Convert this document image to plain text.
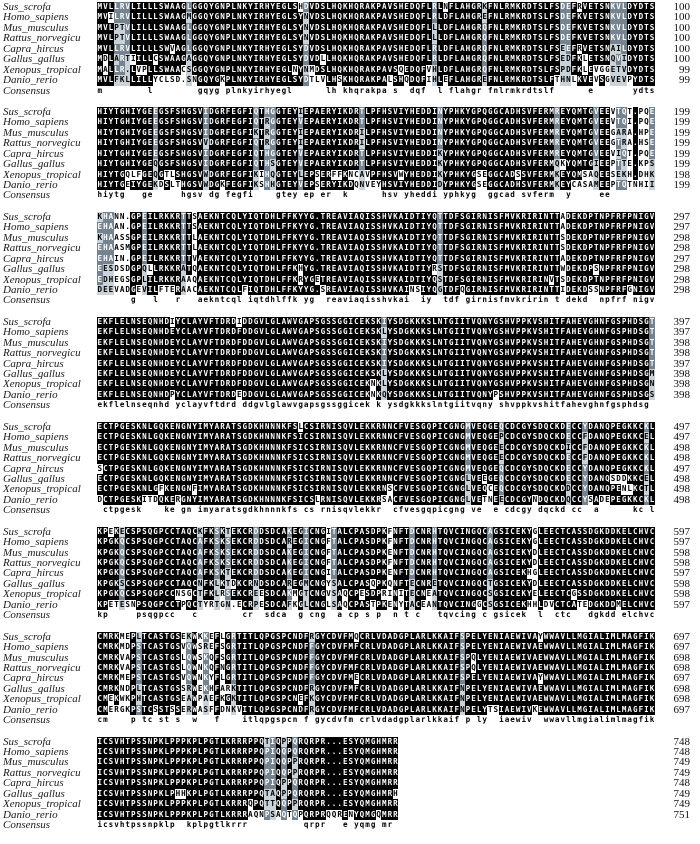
Sus_scrofa	M V L L R V L I L L L S W A A G L G G Q Y G N P L N K Y I R H Y E G L S H D V D S L H Q K H Q R A K P A V S H E D Q F L R L N F L A H G R K F N L R M K R D T S L F S D E F R V E T S N K V L D Y D T S 100
Homo_sapiens	M V I L R V L I L L L S W A A G M G G Q Y G N P L N K Y I R H Y E G L S Y N V D S L H Q K H Q R A K P A V S H E D Q F L R L D F L A H G R E F N L R M K R D T S L F S D E F K V E T S N K V L D Y D T S 100
Mus_musculus	M V L P T V L I L L L S W A A G L G G Q Y G N P L N K Y I R H Y E G L S Y N V D S L H Q K H Q R A K P A V S H E D Q F L L L D F L A H G R Q F N L R M K R D T S L F S D E F K V E T S N K V L D Y D T S 100
Rattus_norvegicu	M V L P T V L I L L L S W A A G L G G Q Y G N P L N K Y I R H Y E G L S Y N V D S L H Q K H Q R A K P A V S H E D Q F L L L D F L A H G R Q F N L R M K R D T S L F S D E F K V E T S N K V L D Y D T S 100
Capra_hircus	M V L L R V L I L L L S W V A G L G G Q Y G N P L N K Y I R H Y E G L S Y D V D S L H Q K H Q R A K P A V S H E D Q F L R L D F L A H G R Q F N L R M K R D T S L F S E E F R V E T S N A I L D Y D T S 100
Gallus_gallus	M D L A R T I I L L C S W A A G A G G Q Y G N P L N K Y I R H Y E G L S Y D V D L L H Q K H Q R A K P A V S H E D Q F L R L D F L A H G R Q F N L R M K R D T S L F S E D F K L E T S N Q V I D Y D T S 100
Xenopus_tropical	M A L L R . L V P L L S W A A C S G G Q Y G N P L N K Y I R H Y E G L N Y N M D S L H Q K H Q R A K P A V S Q E D Q F V H L D F L A H G R Q F N L R M K R D T S L F S P D F K L E V G G E T V D Y D T S 99
Danio_rerio	M V L F K L L I L L Y C L S D . S N G Q Y G K P L N K Y I R H Y E G L S Y D T L V L H S K H Q R A K P A L S H Q D Q F I H L E F L A H G R E F N L R M K R D T S L F T H N L K V E V S G V E V P Y D T S 99
Consensus	m	l	g q y g p l n k y i r h y e g l	l h k h q r a k p a s d q f l f l a h g r f n l r m k r d t s l f	e	y d t s
Sus_scrofa	H I Y T G H I Y G E E G S F S H G S V I D G R F E G F I Q T H G G T E Y I E P A E R Y I K D R T L P F H S V I Y H E D D I N Y P H K Y G P Q G G C A D H S V F E R M R E Y Q M T G V E E V T Q T . P Q E 199
Homo_sapiens	H I Y T G H I Y G E E G S F S H G S V I D G R F E G F I Q T R G G T E Y V E P A E R Y I K D R T L P F H S V I Y H E D D I N Y P H K Y G P Q G G C A D H S V F E R M R E Y Q M T G V E E V T Q I . P Q E 199
Mus_musculus	H I Y T G H I Y G E E G S F S H G S V I D G R F E G F I K T R G G T E Y I E P A E R Y I K D R I L P F H S V I Y H E D D I N Y P H K Y G P Q G G C A D H S V F E R M R E Y Q M T G V E E G A R A . H P E 199
Rattus_norvegicu	H I Y T G H I Y G E E G S F S H G S V V D G R F E G F I Q T R G G T E Y I E P A E R Y I K D R I L P F H S V I Y H E D D I N Y P H K Y G P Q G G C A D H S V F E R M R E Y Q M T G V E E G T R A . H S E 199
Capra_hircus	H I Y T G H I Y G E E G S F S H G S V I D G R F E G F I Q T H G G T E Y V E P A E R Y I K D R T L P F H S V I Y H E D D I K Y P H K Y G P Q G G C A D H S V F E R M R E Y Q M T G V E E V I Q T . P Q E 199
Gallus_gallus	H I Y T G H I Y G E Q G S F S H G S V I D G R F E G F I Q T H S G T E Y V E P A E R Y I K D R T L P F H S V I Y H E D D I K Y P H K Y G P Q G G C A D H S V F E R M Q K Y Q M T G I E E P T T E . K P S 199
Xenopus_tropical	H I Y T G Q L F G E Q G T L S H G S V W D G R F E G F I K I H Q G T E Y L E P S E R F F K N C A V P F H S V W Y H E D D I K Y P H K Y G S E G G C A D S S V F E R M K E Y Q M S A Q E E S E K H . D H K 198
Danio_rerio	H I Y T G E I Y G E K D S L T H G S V W D G K F E G F I K S H H G T E Y V E P S E R Y I K D Q N V E Y H S V I Y H E D D I D Y P H K Y G S E G G C A D H S V F E R M K E Y C A S A M E E P T Q T N H I I 199
Consensus	h i y t g g e	h g s v d g f e g f i	g t e y e p e r k	h s v y h e d d i y p h k y g g g c a d s v f e r m y	e e
Sus_scrofa	K H A N N . G P E I L R K K R T T S A E K N T C Q L Y I Q T D H L F F K Y Y G . T R E A V I A Q I S S H V K A I D T I Y Q T T D F S G I R N I S F M V K R I R I N T T A D E K D P T N P F R F P N I G V 297
Homo_sapiens	E H A A N . G P E I L R K K R T T S A E K N T C Q L Y I Q T D H L F F K Y Y G . T R E A V I A Q I S S H V K A I D T I Y Q T T D F S G I R N I S F M V K R I R I N T T A D E K D P T N P F R F P N I G V 297
Mus_musculus	K H A A S S G P E I L R K K R T T L A E K N T C Q L Y I Q T D H L F F K Y Y G . T R E A V I A Q I S S H V K A I D T I Y Q T T D F S G I R N I S F M V K R I R I N T T S D E K D P T N P F R F P N I G V 298
Rattus_norvegicu	E H A A S M G P E I L R K K R T T L A E K N T C Q L Y I Q T D H L F F K Y Y G . T R E A V I A Q I S S H V K A I D T I Y Q T T D F S G I R N I S F M V K R I R I N T T S D E K D P T N P F R F P N I G V 298
Capra_hircus	E H A I N . G P E I L R K K R T T V A E K N T C Q L Y I Q T D H L F F K Y Y G . T R E A V I A Q I S S H V K A I D T I Y Q T T D F S G I R N I S F M V K R I R I N T T A D E K D P T N P F R F P N I G V 297
Gallus_gallus	E E S D S D G P Q L L R K K R A T Q A E K N T C Q L Y I Q T D H L F F K H Y G . T R E A V I A Q I S S H V K A I D T I Y R S T D F S G I R N I S F M V K R I R I N T T W D E K D P S N P F R F P N I G V 298
Xenopus_tropical	E D H E G S G P L I L R K K R A A Q A E K N T C Q L Y I Q T D H L F F K R Y G E T R E A V I A Q I S S H V K A I D T I Y Q S T D F S G I R N I S F M V K R I R I N V T S D E K D P T N P F R F P N I G V 298
Danio_rerio	D E E V A D G E V I L F T E R A A C A E K N T C Q L F I Q T D H L F F K Y Y G . S R E A V I A Q I S S H V K A I N S I Y Q G T D F Q G I R N I S F M V K R I R I N T T I D E K D S S N P F R F G N I G V 298
Consensus	g l r a e k n t c q l i q t d h l f f k y g r e a v i a q i s s h v k a i i y t d f g i r n i s f m v k r i r i n t d e k d n p f r f n i g v
Sus_scrofa	E K F L E L N S E Q N H D I Y C L A Y V F T D R D I D D G V L G L A W V G A P S G S S G G I C E K S K I Y S D G K K K S L N T G I I T V Q N Y G S H V P P K V S H I T F A H E V G H N F G S P H D S G T 397
Homo_sapiens	E K F L E L N S E Q N H D E Y C L A Y V F T D R D F D D G V L G L A W V G A P S G S S G G I C E K S K L Y S D G K K K S L N T G I I T V Q N Y G S H V P P K V S H I T F A H E V G H N F G S P H D S G T 397
Mus_musculus	E K F L E L N S E Q N H D E Y C L A Y V F T D R D F D D G V L G L A W V G A P S G S S G G I C E K S K I Y S D G K K K S L N T G I I T V Q N Y G S H V P P K V S H I T F A H E V G H N F G S P H D S G T 398
Rattus_norvegicu	E K F L E L N S E Q N H D E Y C L A Y V F T D R D F D D G V L G L A W V G A P S G S S G G I C E K S K I Y S D G K K K S L N T G I I T V Q N Y G S H V P P K V S H I T F A H E V G H N F G S P H D S G T 398
Capra_hircus	E K F L E L N S E Q N H D E Y C L A Y V F T D R D F D D G V L G L A W V G A P S G S S G G I C E K S K I Y S D G K K K S L N T G I I T V Q N Y G S H V P P K V S H I T F A H E V G H N F G S P H D S G T 397
Gallus_gallus	E K F L E L N S E Q N H D E Y C L A Y V F T D R D F D D G V L G L A W V G A P S G S S G G I C E K S K L Y S D G K K K S L N T G I I T V Q N Y G S H V P P K V S H I T F A H E V G H N F G S P H D S G M 398
Xenopus_tropical	E K F L E L N S E Q N H D E Y C L A Y V F T D R D F D D G V L G L A W V G A P S G S S G G I C E K N K L Y S D G K K K S L N T G I I T V Q N Y G S H V P P K V S H I T F A H E V G H N F G S P H D S G N 398
Danio_rerio	E K F L E L N S E Q N H D P Y C L A Y V F T D R D E D D G V L G L A W V G A P S G S S G G I C E K N K Q Y S D G K K K S L N T G I I T V Q N Y P S H V P P K V S H I T F A H E V G H N F G S P H D S G S 398
Consensus	e k f l e l n s e q n h d y c l a y v f t d r d d d g v l g l a w v g a p s g s s g g i c e k k y s d g k k k s l n t g i i t v q n y s h v p p k v s h i t f a h e v g h n f g s p h d s g
Sus_scrofa	E C T P G E S K N L G Q K E N G N Y I M Y A R A T S G D K H N N N K F S L C S I R N I S Q V L E K K R N N C F V E S G Q P I C G N G M V E Q G E Q C D C G Y S D Q C K D E C C Y D A N Q P E G K K C K L 497
Homo_sapiens	E C T P G E S K N L G Q K E N G N Y I M Y A R A T S G D K H N N N K F S I C S I R N I S Q V L E K K R N N C F V E S G Q P I C G N G M V E Q G E P C D C G Y S D Q C K D E C C F D A N Q P E G K K C E L 497
Mus_musculus	E C T P G E S K N L G Q K E N G N Y I M Y A R A T S G D K H N N N K F S I C S I R N I S Q V L E K K R N N C F V E S G Q P I C G N G M V E Q G E E C D C G Y S D Q C K D I C C F D A N Q P E G K K C K L 498
Rattus_norvegicu	E C T P G E S K N L G Q K E N G N Y I M Y A R A T S G D K H N N N K F S I C S I R N I S Q V L E K K R N N C F V E S G Q P I C G N G M V E Q G E E C D C G Y S D Q C K D E C C F D A N Q P E G K K C K L 498
Capra_hircus	S C T P G E S K N L G Q K E N G N Y I M Y A R A T S G D K H N N N K F S I C S I R N I S Q V L E K K R N N C F V E S G Q P I C G N G M V E Q G E Q C D C G Y S D Q C K D E C C Y D A N Q P E G K K C K L 497
Gallus_gallus	E C T P G E S K N L G Q K E N G N Y I M Y A R A T S G D K H N N N K F S I C S I R N I S Q V L E K K R N N C F V E S G Q P I C G N G L V E E G E Q C D C G Y S D Q C K D E C C Y D A N Q S D D K K C E L 498
Xenopus_tropical	E C T P G E S K N L G F K E N G N F I M Y A R A T S G D K H N N N K F S I C S I R N I S Q V L E K K R N S C F V E S G Q P I C G N G L V E Q C E Q C D C G Y S D Q C K D D C C Y D A N Q P E N L K C T L 498
Danio_rerio	D C T P G E S K I T D Q K E R G N Y I M Y A R A T S G D K H N N N K F S I C S L R N I S Q V L E K K R S A C F V E S G Q P I C G N G L V E T N E E C D C G Y N D Q C K D Q C C Y S A D E P E G K K C K L 498
Consensus	c t p g e s k	k e g n i m y a r a t s g d k h n n n k f s c s r n i s q v l e k k r c f v e s g q p i c g n g v e e c d c g y d q c k d c c a	k c l
Sus_scrofa	K P E K E C S P S Q G P C C T A Q C K F K S K T E K C R D D S D C A K E G I C N G I T A L C P A S D P K F N F T D C N R H T Q V C I N G Q C A G S I C E K Y G L E E C T C A S S D G K D D K E L C H V C 597
Homo_sapiens	K P G K Q C S P S Q G P C C T A Q C A F K S K S E K C R D D S D C A R E G I C N G F T A L C P A S D P K F N F T D C N R H T Q V C I N G Q C A G S I C E K Y G L E E C T C A S S D G K D D K E L C H V C 597
Mus_musculus	K P G K Q C S P S Q G P C C T A Q C A F K S K S E K C R D D S D C A K E G I C N G F T A L C P A S D P K E N F T D C N R H T Q V C I N G Q C A G S I C E K Y D L E E C T C A S S D G K D D K E L C H V C 598
Rattus_norvegicu	K P G K Q C S P S Q G P C C T A Q C A F K S K S E K C R D D S D C A K E G I C N G F T A L C P A S D P K F N F T D C N R H T Q V C I N G Q C A G S I C E K Y D L E E C T C A S S D G K D D K E L C H V C 598
Capra_hircus	K P G K Q C S P S Q G P C C T A Q C A F K S K T E K C R D D S D C A K E G I C N G I T A L C P A S D P K E N F T D C N R H T Q V C I N G Q C A G S I C E K H G L E E C T C A S S D G K D D K E L C H V C 597
Gallus_gallus	K P G K S C S P S Q G P C C T A Q C N F K L K T D K C R N D S D C A R E G M C N G Y S A L C P A S Q P K Q N F T E C N R E T Q V C I N G Q C T G S I C E K Y D L E E C T C A S S D G K D D K E L C H V C 598
Xenopus_tropical	K P G K Q C S P S Q G P C C N S G C T F K L R S E K C R E E S D C A K M G T C N G V S A Q C P E S D P R I N I T E C N E A T Q V C I N G Q C S G S I C E K Y E L E E C T C G S S D G K D D K E L C H V C 598
Danio_rerio	K P E T E S N P S Q G P C C T P Q C T Y R T G N . E C R P E S D C A F K G L C N G L S A Q C P A S T P K E N Y T A C E A N T Q V C I N G G C S G S I C E K H H L D V C T C A T E D G K D D M E L C H V C 597
Consensus	k p	p s q g p c c c	c r s d c a g c n g a c p s p n t c t q v c i n g c g s i c e k l c t c d g k d d e l c h v c
Sus_scrofa	C M R K M E P L T C A S T G S E K W K K E F L G R T I T L Q P G S P C N D F R G Y C D V F M Q C R L V D A D G P L A R L K K A I F S P E L Y E N I A E W I V A Y W W A V L L M G I A L I M L M A G F I K 697
Homo_sapiens	C M R K M D P S T C A S T G S V Q W S R E F S G R T I T L Q P G S P C N D F F G Y C D V F M F C R L V D A D G P L A R L K K A I F S P E L Y E N I A E W I V A E W W A V L L M G I A L I M L M A G F I K 697
Mus_musculus	C M R K V A P S T C A S T G S L Q W S K Q F S G R T I T L Q P G S P C N D F F G Y C D V F M F C R L V D A D G P L A R L K K A I F S P Q L Y E N I A E W I V A E W W A V L L M G I A L I M L M A G F I K 698
Rattus_norvegicu	C M R K V A P S T C A S T G S L Q W N K Q F N G R T I T L Q P G S P C N D F F G Y C D V F M F C R L V D A D G P L A R L K K A I F S P Q L Y E N I A E W I V A E W W A V L L M G I A L I M L M A G F I K 698
Capra_hircus	C M R K M E P S T C A S T G S V Q W N K Y F L G R T I T L Q P G S P C N D F F G Y C D V F M E C R L V D A D G P L A R L K K A I F S P E L Y E N I A E W I V A Y W W A V L L M G I A L I M L M A G F I K 697
Gallus_gallus	C M R K N D P L T C A S T G S S R W E K H F A R K T I T L Q P G S P C N D F R G Y C D V F M F C R L V D A D G P L A R L K K A I F N P E L Y E N I A E W I V A E W W A V L L M G I A L I M L M A G F I K 698
Xenopus_tropical	C M E K W K P H T C A S T G S E A W P A E F K G K T I T L Q P G S P C N E F K G Y C D V F M F C R L V D A D G P L A R L K K A I F N P E L Y E N I A E W I V A E W W A V L L M G I A L I M L M A G F I K 698
Danio_rerio	C M E R G K P S T C S S T S S E R W A S F F D N K V I T L Q P G S P C N D F R G Y C D V F M F C R L V D A D G P L A R L K K A I F N P E L Y T S I A E W I V K E W W A V L L M G I A L I M L M A G F I K 697
Consensus	c m	p t c s t s w f	i t l q p g s p c n f g y c d v f m c r l v d a d g p l a r l k k a i f p l y i a e w i v w w a v l l m g i a l i m l m a g f i k
Sus_scrofa	I C S V H T P S S N P K L P P P K P L P G T L K R R R P P Q T I Q P P Q R Q R P R . . . E S Y Q M G H M R R	748
Homo_sapiens	I C S V H T P S S N P K L P P P K P L P G T L K R R R P P Q P I Q Q P Q R Q R P R . . . E S Y Q M G H M R R	748
Mus_musculus	I C S V H T P S S N P K L P P P K P L P G T L K R R R P P Q P I Q Q P P R Q R P R . . . E S Y Q M G H M R R	749
Rattus_norvegicu	I C S V H T P S S N P K L P P P K P L P G T L K R R R P P Q P I Q Q P P R Q R P R . . . E S Y Q M G H M R R	749
Capra_hircus	I C S V H T P S S N P K L P P P K P L P G T L K R R R P P Q P I Q P P Q R Q R P R . . . E S Y Q M G H M R R	748
Gallus_gallus	I C S V H T P S S N P K L P H H K P L P G T L K R R R P P Q T A Q P P Q R Q R P R . . . E S Y Q M G H M R H	749
Xenopus_tropical	I C S V H T P S S N P K L P P P K P L P G T L K R R R Q P Q T T Q Q P P R Q R P R . . . E S Y Q M G H M R R	749
Danio_rerio	I C S V H T P S S N P K L P P P K P L P G T L K R R R A Q N P S A Q T Q P Q R P R Q Q R E N Y Q M G Q M R R	751
Consensus	i c s v h t p s s n p k l p k p l p g t l k r r r	q r p r e y q m g m r
